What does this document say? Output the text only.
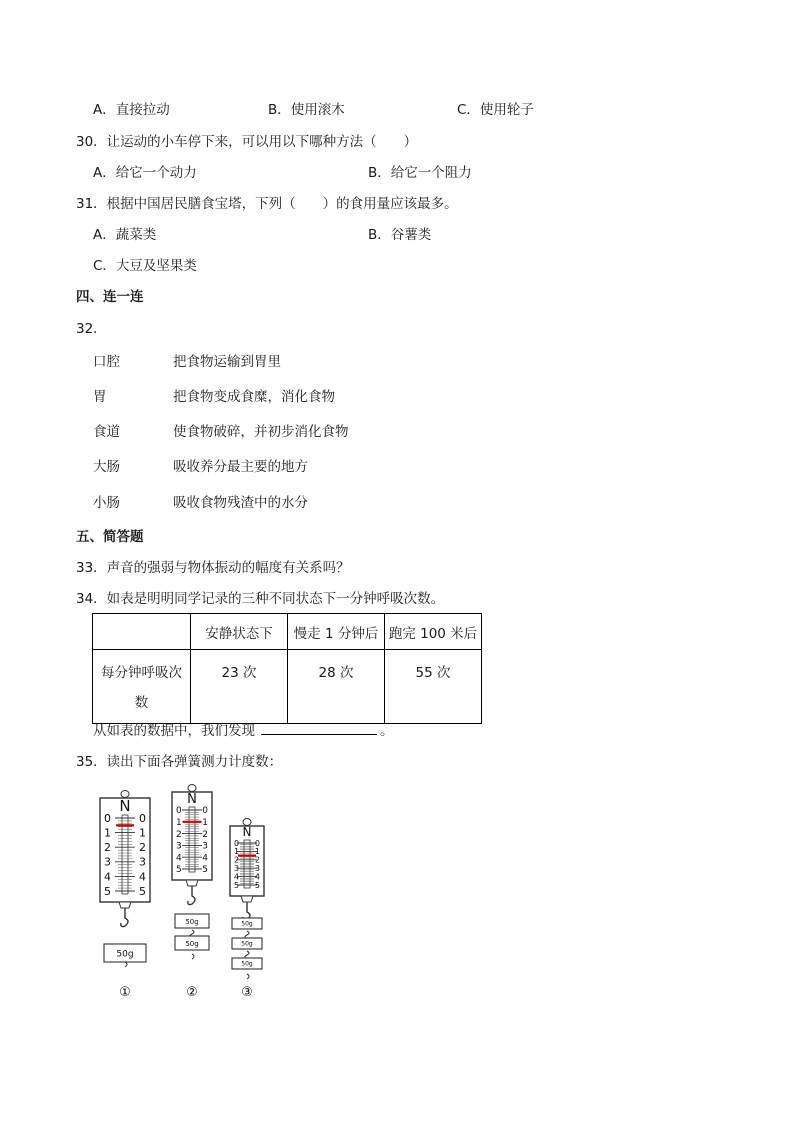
A．直接拉动	B．使用滚木	C．使用轮子
30．让运动的小车停下来，可以用以下哪种方法（　　）
A．给它一个动力	B．给它一个阻力
31．根据中国居民膳食宝塔，下列（　　）的食用量应该最多。
A．蔬菜类	B．谷薯类
C．大豆及坚果类
四、连一连
32．
口腔	把食物运输到胃里
胃	把食物变成食糜，消化食物
食道	使食物破碎，并初步消化食物
大肠	吸收养分最主要的地方
小肠	吸收食物残渣中的水分
五、简答题
33．声音的强弱与物体振动的幅度有关系吗？
34．如表是明明同学记录的三种不同状态下一分钟呼吸次数。
	安静状态下	慢走 1 分钟后	跑完 100 米后
每分钟呼吸次
数	23 次	28 次	55 次
从如表的数据中，我们发现	。
35．读出下面各弹簧测力计度数：
N
0	0
1	1
2	2
3	3
4	4
5	5
50g
①
N
0 0
1 1
2 2
3 3
4 4
5 5
50g
50g
②
N
0 0
1 1
2 2
3 3
4 4
5 5
50g
50g
50g
③
